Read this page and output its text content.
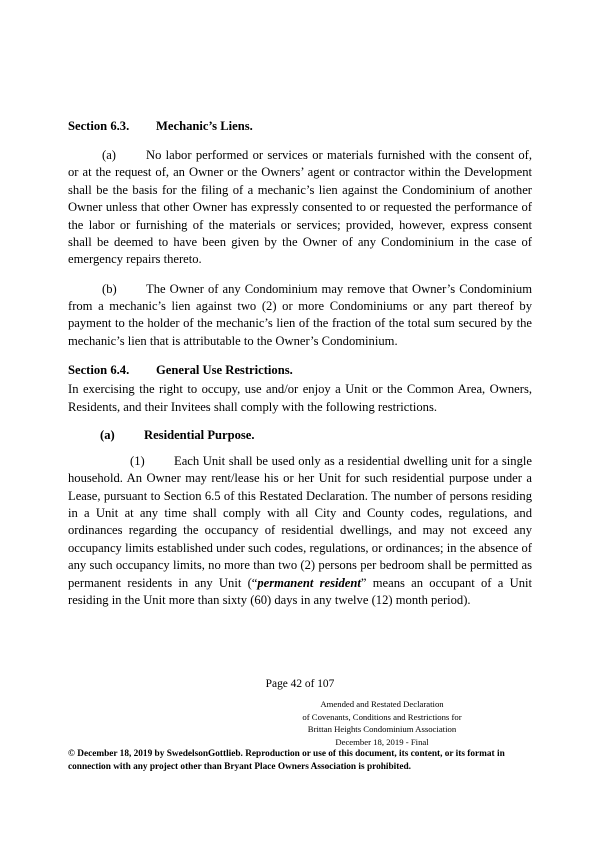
Section 6.3. Mechanic’s Liens.

(a) No labor performed or services or materials furnished with the consent of, or at the request of, an Owner or the Owners’ agent or contractor within the Development shall be the basis for the filing of a mechanic’s lien against the Condominium of another Owner unless that other Owner has expressly consented to or requested the performance of the labor or furnishing of the materials or services; provided, however, express consent shall be deemed to have been given by the Owner of any Condominium in the case of emergency repairs thereto.

(b) The Owner of any Condominium may remove that Owner’s Condominium from a mechanic’s lien against two (2) or more Condominiums or any part thereof by payment to the holder of the mechanic’s lien of the fraction of the total sum secured by the mechanic’s lien that is attributable to the Owner’s Condominium.

Section 6.4. General Use Restrictions.

In exercising the right to occupy, use and/or enjoy a Unit or the Common Area, Owners, Residents, and their Invitees shall comply with the following restrictions.

(a) Residential Purpose.

(1) Each Unit shall be used only as a residential dwelling unit for a single household. An Owner may rent/lease his or her Unit for such residential purpose under a Lease, pursuant to Section 6.5 of this Restated Declaration. The number of persons residing in a Unit at any time shall comply with all City and County codes, regulations, and ordinances regarding the occupancy of residential dwellings, and may not exceed any occupancy limits established under such codes, regulations, or ordinances; in the absence of any such occupancy limits, no more than two (2) persons per bedroom shall be permitted as permanent residents in any Unit (“permanent resident” means an occupant of a Unit residing in the Unit more than sixty (60) days in any twelve (12) month period).

Page 42 of 107
Amended and Restated Declaration
of Covenants, Conditions and Restrictions for
Brittan Heights Condominium Association
December 18, 2019 - Final
© December 18, 2019 by SwedelsonGottlieb. Reproduction or use of this document, its content, or its format in
connection with any project other than Bryant Place Owners Association is prohibited.
